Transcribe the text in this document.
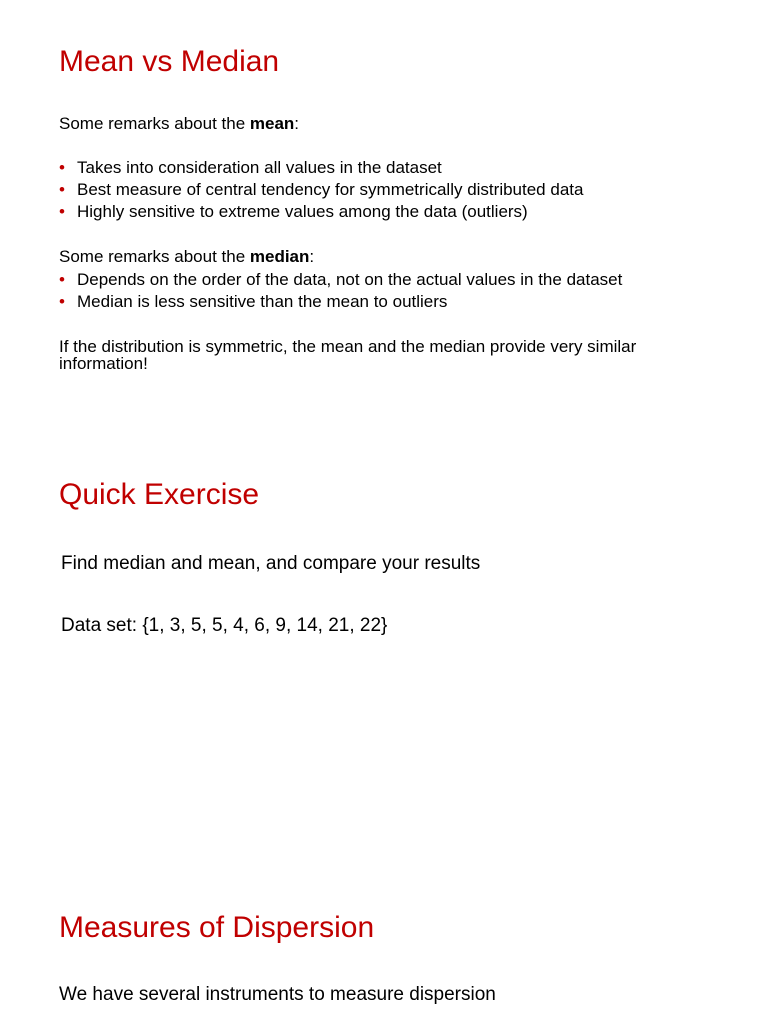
Mean vs Median

Some remarks about the mean:

• Takes into consideration all values in the dataset
• Best measure of central tendency for symmetrically distributed data
• Highly sensitive to extreme values among the data (outliers)

Some remarks about the median:

• Depends on the order of the data, not on the actual values in the dataset
• Median is less sensitive than the mean to outliers

If the distribution is symmetric, the mean and the median provide very similar information!

Quick Exercise

Find median and mean, and compare your results

Data set: {1, 3, 5, 5, 4, 6, 9, 14, 21, 22}

Measures of Dispersion

We have several instruments to measure dispersion
